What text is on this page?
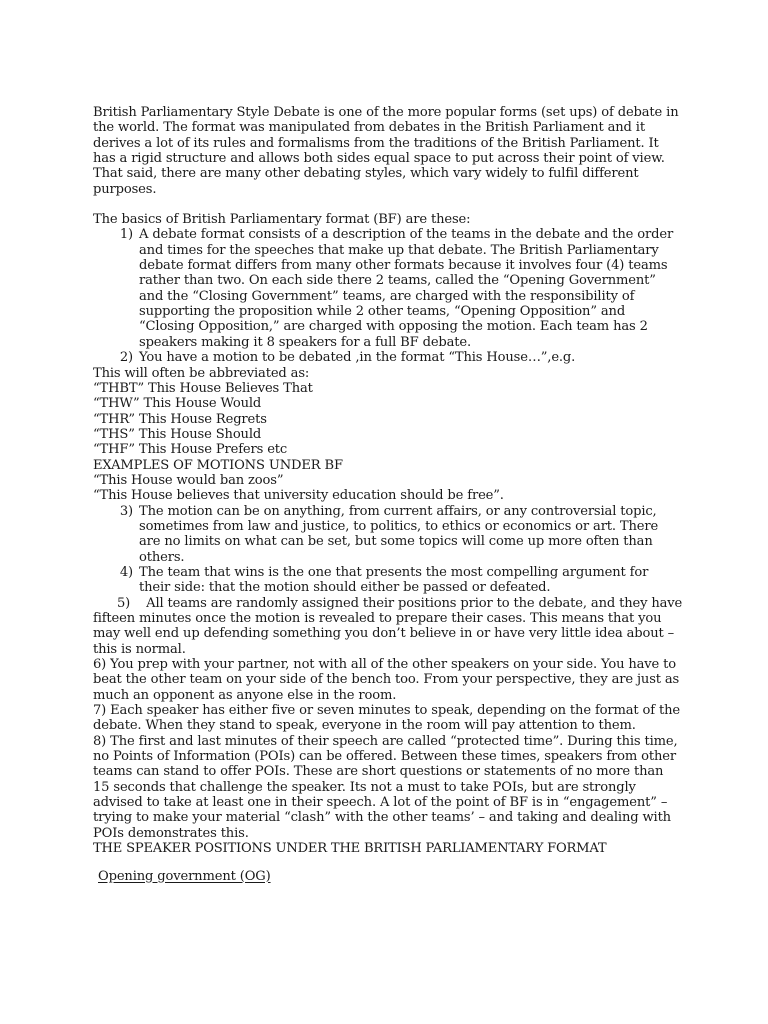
British Parliamentary Style Debate is one of the more popular forms (set ups) of debate in the world. The format was manipulated from debates in the British Parliament and it derives a lot of its rules and formalisms from the traditions of the British Parliament. It has a rigid structure and allows both sides equal space to put across their point of view. That said, there are many other debating styles, which vary widely to fulfil different purposes.

The basics of British Parliamentary format (BF) are these:

1) A debate format consists of a description of the teams in the debate and the order and times for the speeches that make up that debate. The British Parliamentary debate format differs from many other formats because it involves four (4) teams rather than two. On each side there 2 teams, called the “Opening Government” and the “Closing Government” teams, are charged with the responsibility of supporting the proposition while 2 other teams, “Opening Opposition” and “Closing Opposition,” are charged with opposing the motion. Each team has 2 speakers making it 8 speakers for a full BF debate.
2) You have a motion to be debated ,in the format “This House…”,e.g.

This will often be abbreviated as:

“THBT” This House Believes That

“THW” This House Would

“THR” This House Regrets

“THS” This House Should

“THF” This House Prefers etc

EXAMPLES OF MOTIONS UNDER BF

“This House would ban zoos”

“This House believes that university education should be free”.

3) The motion can be on anything, from current affairs, or any controversial topic, sometimes from law and justice, to politics, to ethics or economics or art. There are no limits on what can be set, but some topics will come up more often than others.
4) The team that wins is the one that presents the most compelling argument for their side: that the motion should either be passed or defeated.

5) All teams are randomly assigned their positions prior to the debate, and they have fifteen minutes once the motion is revealed to prepare their cases. This means that you may well end up defending something you don’t believe in or have very little idea about – this is normal.

6) You prep with your partner, not with all of the other speakers on your side. You have to beat the other team on your side of the bench too. From your perspective, they are just as much an opponent as anyone else in the room.

7) Each speaker has either five or seven minutes to speak, depending on the format of the debate. When they stand to speak, everyone in the room will pay attention to them.

8) The first and last minutes of their speech are called “protected time”. During this time, no Points of Information (POIs) can be offered. Between these times, speakers from other teams can stand to offer POIs. These are short questions or statements of no more than 15 seconds that challenge the speaker. Its not a must to take POIs, but are strongly advised to take at least one in their speech. A lot of the point of BF is in “engagement” –trying to make your material “clash” with the other teams’ – and taking and dealing with POIs demonstrates this.

THE SPEAKER POSITIONS UNDER THE BRITISH PARLIAMENTARY FORMAT

Opening government (OG)
